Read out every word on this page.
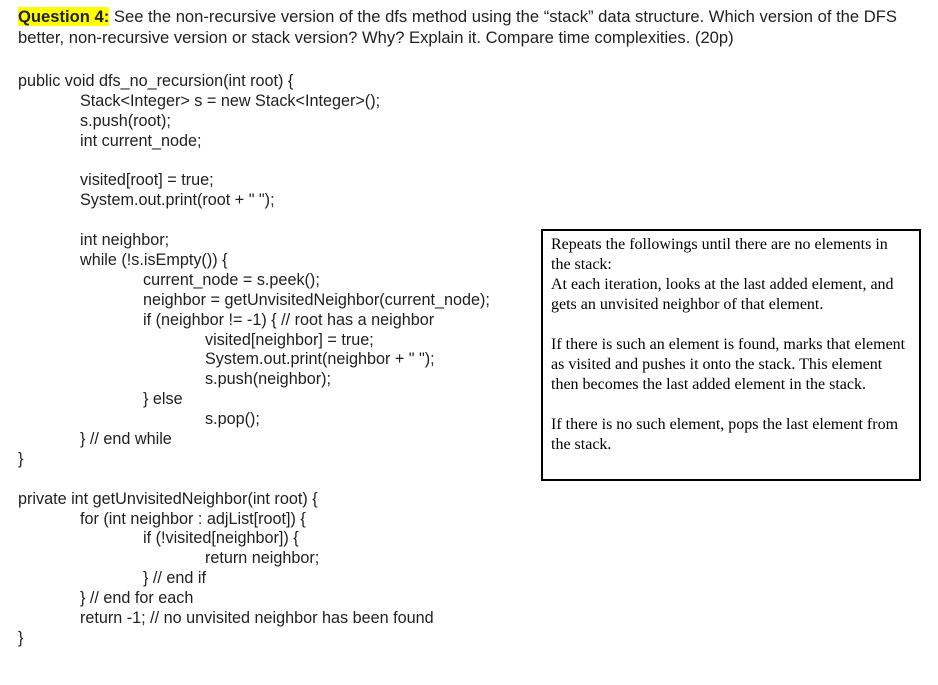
Question 4: See the non-recursive version of the dfs method using the “stack” data structure. Which version of the DFS better, non-recursive version or stack version? Why? Explain it. Compare time complexities. (20p)

public void dfs_no_recursion(int root) {
Stack<Integer> s = new Stack<Integer>();
s.push(root);
int current_node;
visited[root] = true;
System.out.print(root + " ");
int neighbor;
while (!s.isEmpty()) {
current_node = s.peek();
neighbor = getUnvisitedNeighbor(current_node);
if (neighbor != -1) { // root has a neighbor
visited[neighbor] = true;
System.out.print(neighbor + " ");
s.push(neighbor);
} else
s.pop();
} // end while
}
private int getUnvisitedNeighbor(int root) {
for (int neighbor : adjList[root]) {
if (!visited[neighbor]) {
return neighbor;
} // end if
} // end for each
return -1; // no unvisited neighbor has been found
}

Repeats the followings until there are no elements in the stack:

At each iteration, looks at the last added element, and gets an unvisited neighbor of that element.

If there is such an element is found, marks that element as visited and pushes it onto the stack. This element then becomes the last added element in the stack.

If there is no such element, pops the last element from the stack.
